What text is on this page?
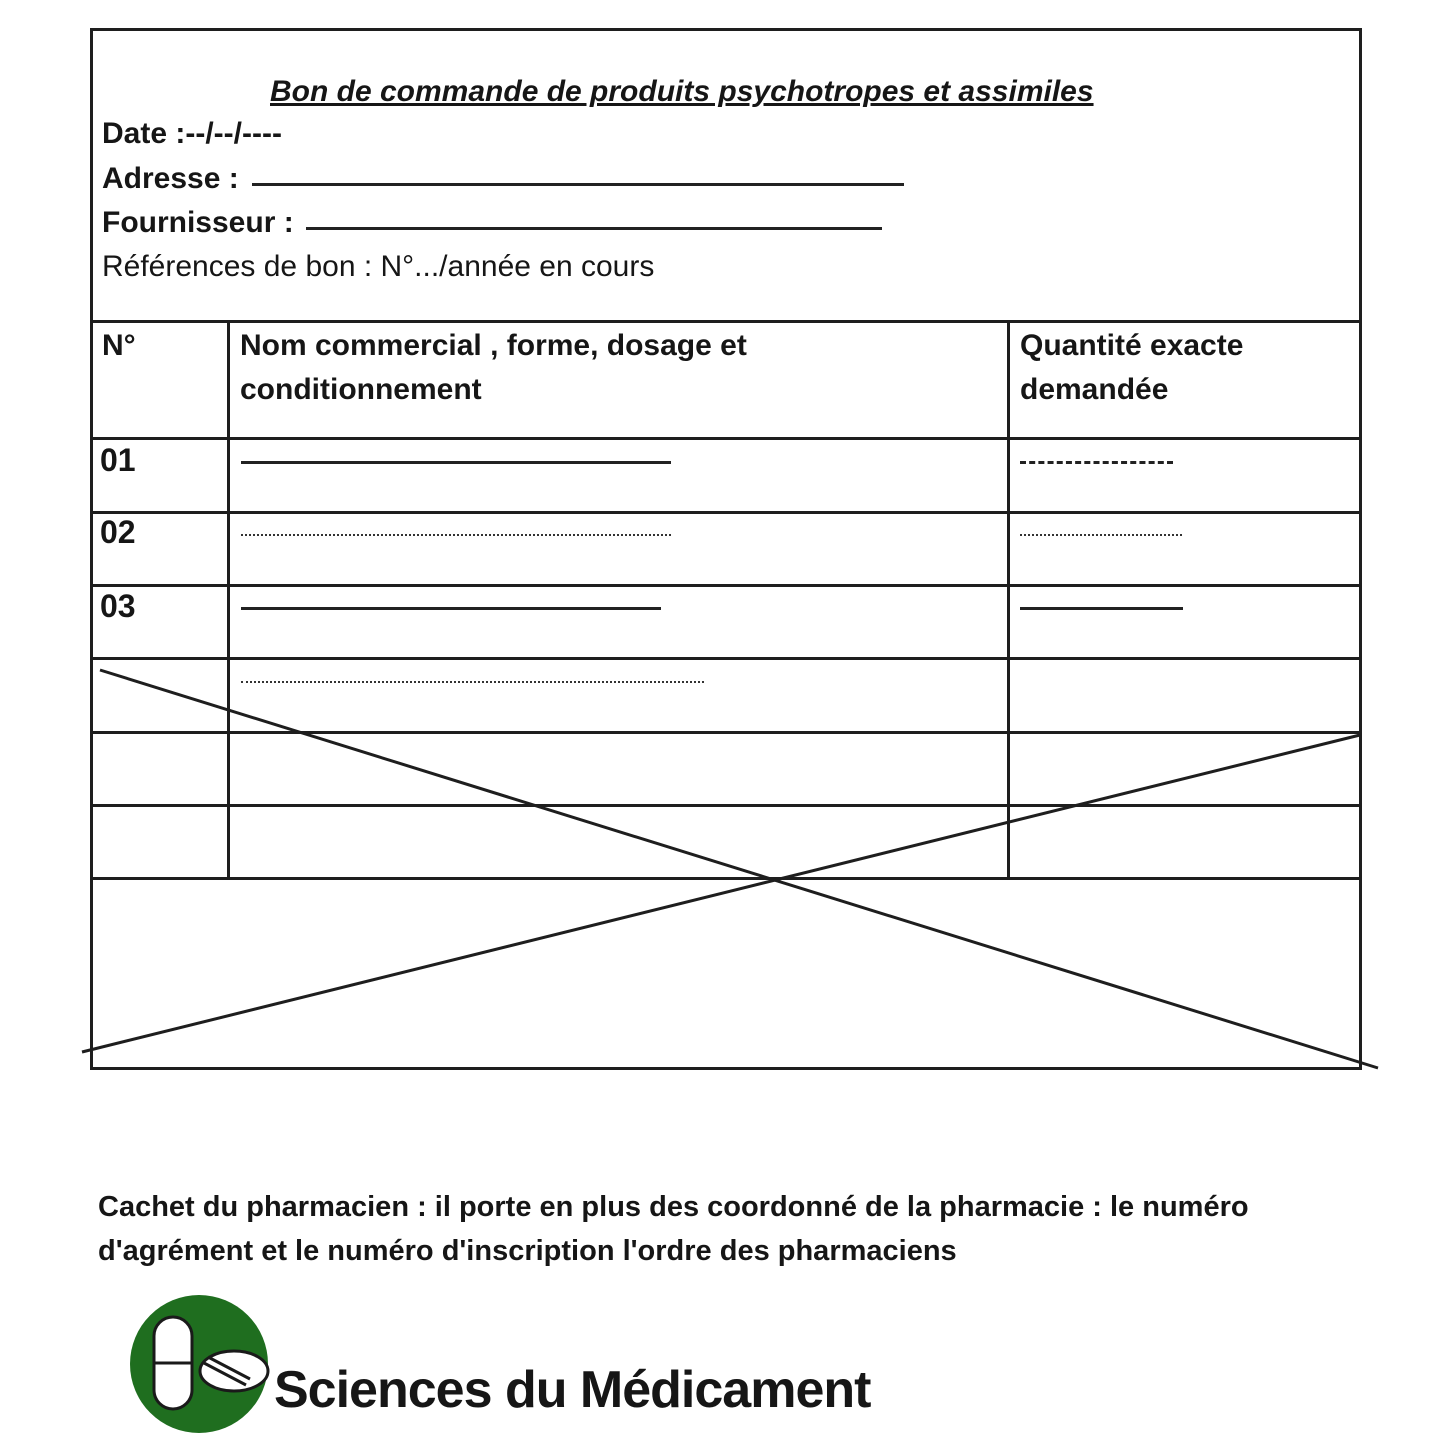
Bon de commande de produits psychotropes et assimiles
Date :--/--/----
Adresse :
Fournisseur :
Références de bon : N°.../année en cours
N°	Nom commercial , forme, dosage et conditionnement
Quantité exacte demandée
01
02
03
Cachet du pharmacien : il porte en plus des coordonné de la pharmacie : le numéro d'agrément et le numéro d'inscription l'ordre des pharmaciens
Sciences du Médicament
